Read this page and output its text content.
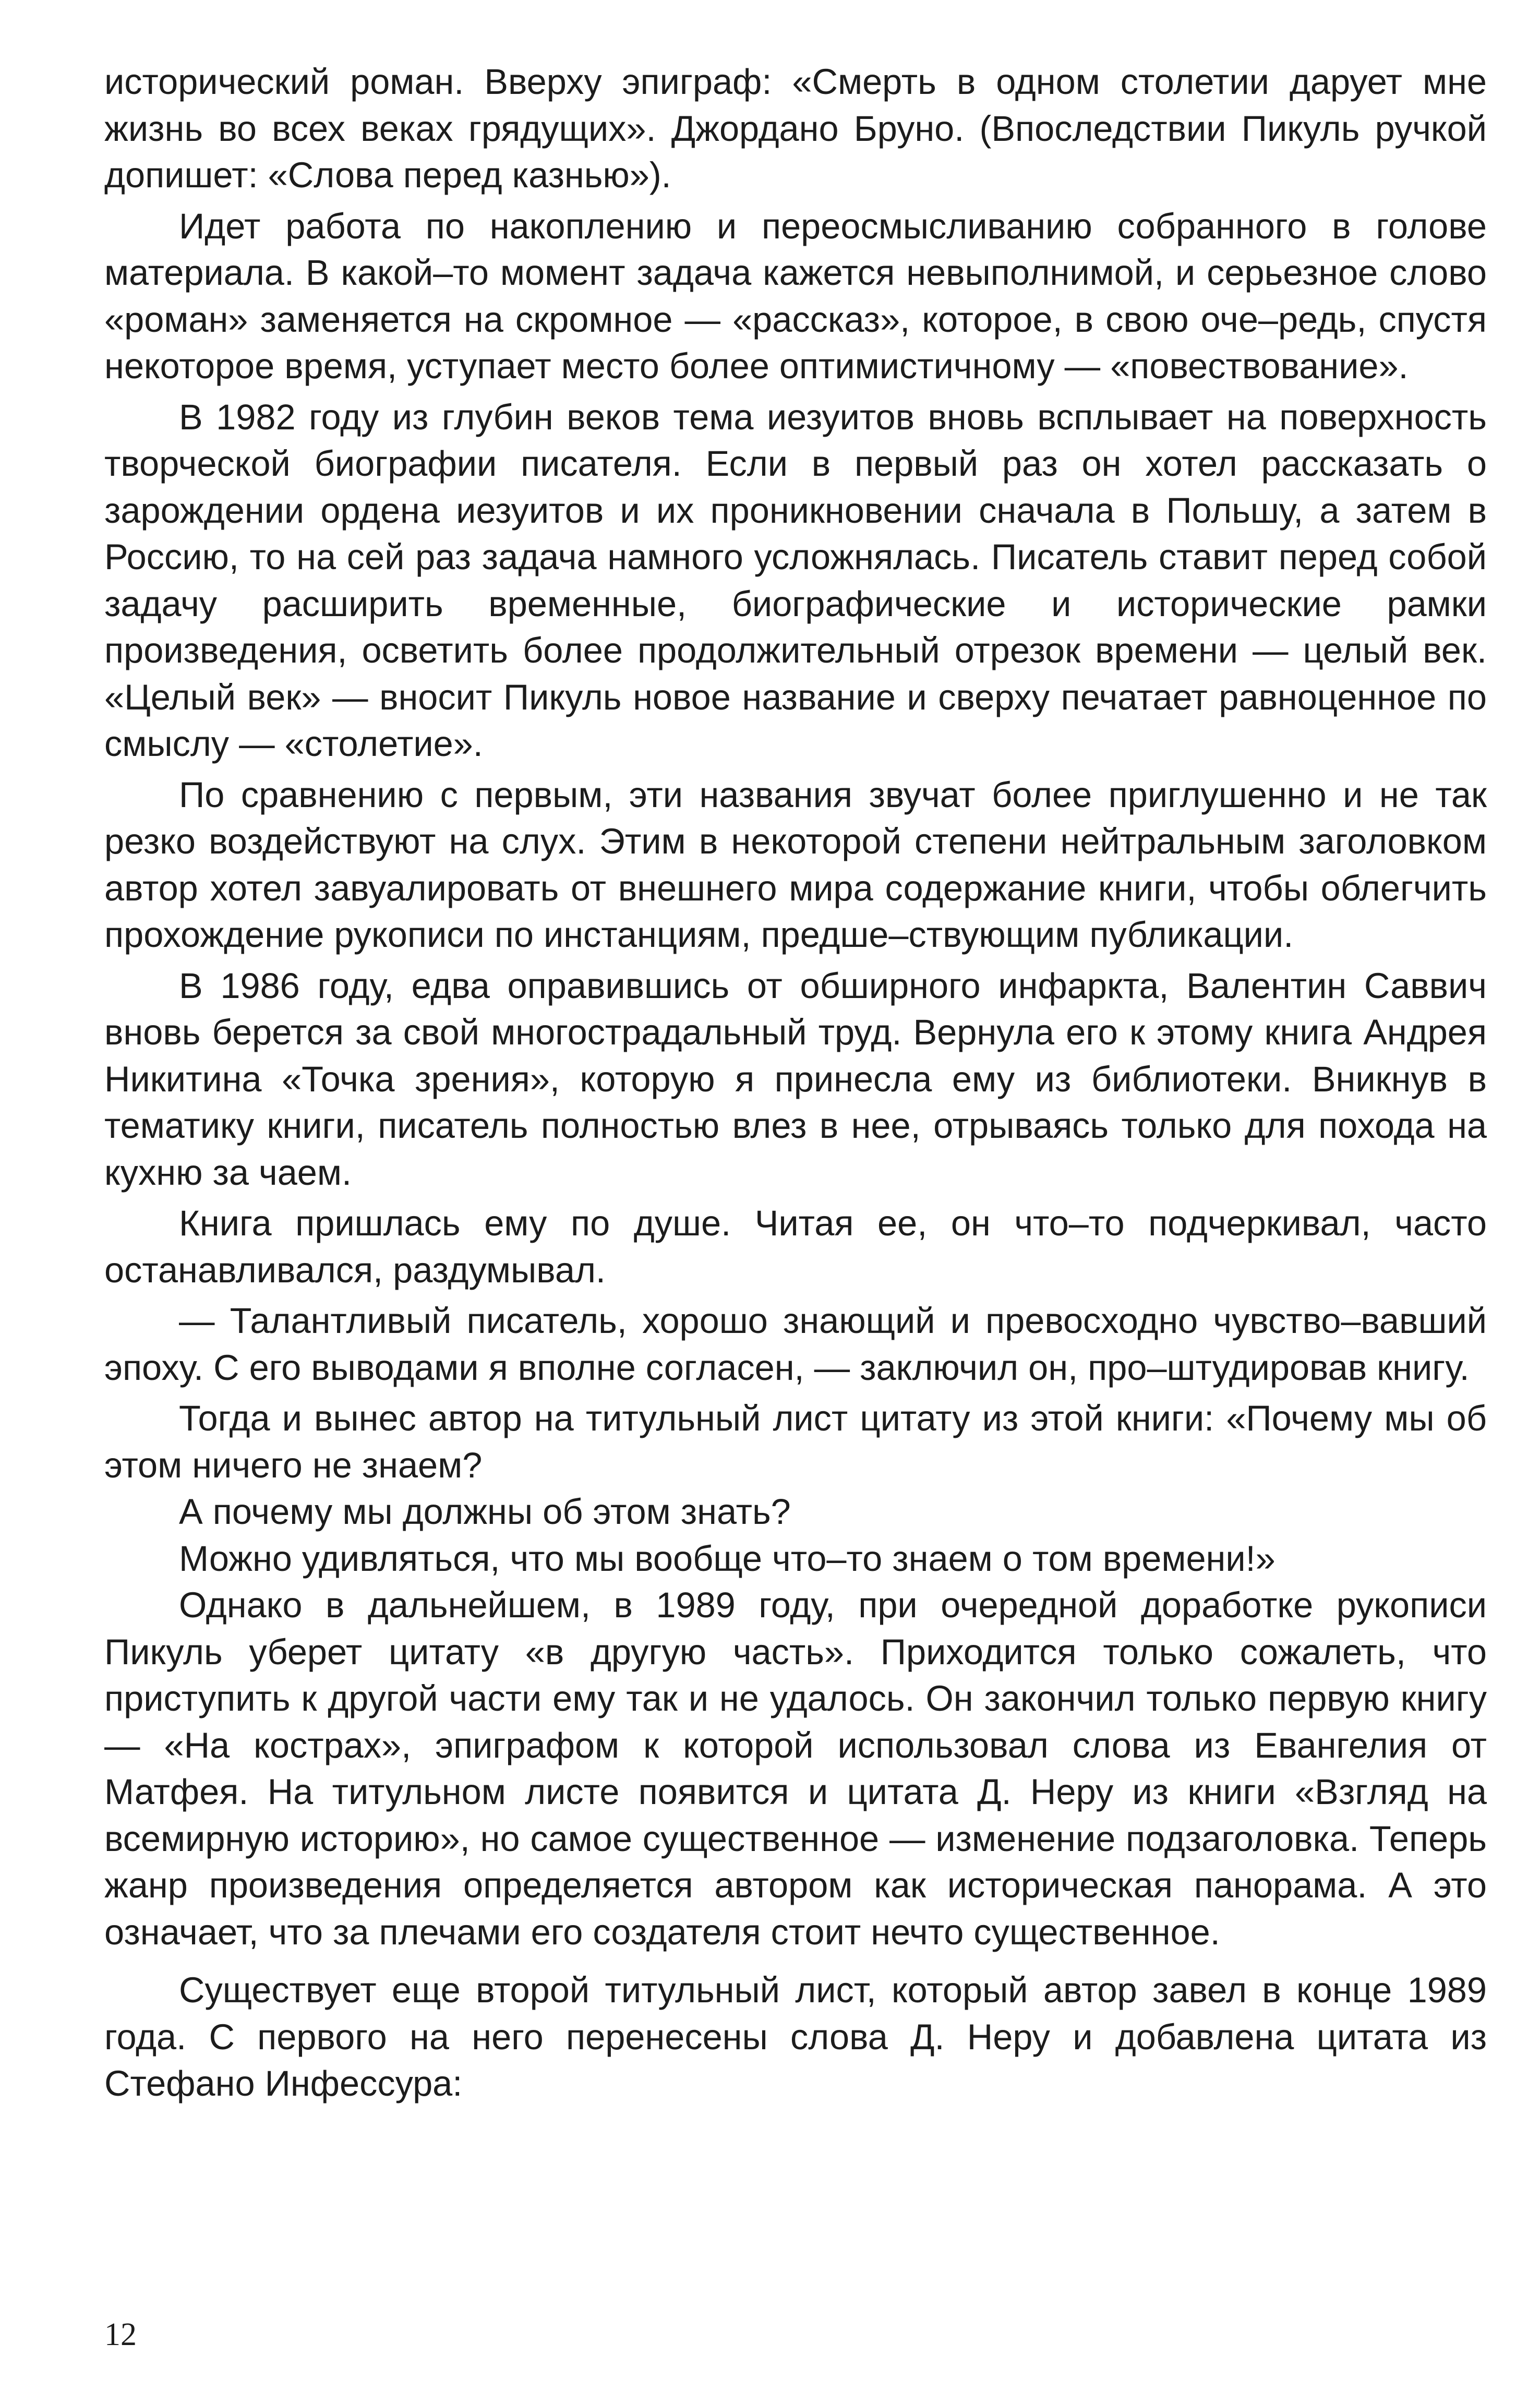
исторический роман. Вверху эпиграф: «Смерть в одном столетии дарует мне жизнь во всех веках грядущих». Джордано Бруно. (Впоследствии Пикуль ручкой допишет: «Слова перед казнью»).

Идет работа по накоплению и переосмысливанию собранного в голове материала. В какой–то момент задача кажется невыполнимой, и серьезное слово «роман» заменяется на скромное — «рассказ», которое, в свою оче–редь, спустя некоторое время, уступает место более оптимистичному — «повествование».

В 1982 году из глубин веков тема иезуитов вновь всплывает на поверхность творческой биографии писателя. Если в первый раз он хотел рассказать о зарождении ордена иезуитов и их проникновении сначала в Польшу, а затем в Россию, то на сей раз задача намного усложнялась. Писатель ставит перед собой задачу расширить временные, биографические и исторические рамки произведения, осветить более продолжительный отрезок времени — целый век. «Целый век» — вносит Пикуль новое название и сверху печатает равноценное по смыслу — «столетие».

По сравнению с первым, эти названия звучат более приглушенно и не так резко воздействуют на слух. Этим в некоторой степени нейтральным заголовком автор хотел завуалировать от внешнего мира содержание книги, чтобы облегчить прохождение рукописи по инстанциям, предше–ствующим публикации.

В 1986 году, едва оправившись от обширного инфаркта, Валентин Саввич вновь берется за свой многострадальный труд. Вернула его к этому книга Андрея Никитина «Точка зрения», которую я принесла ему из библиотеки. Вникнув в тематику книги, писатель полностью влез в нее, отрываясь только для похода на кухню за чаем.

Книга пришлась ему по душе. Читая ее, он что–то подчеркивал, часто останавливался, раздумывал.

— Талантливый писатель, хорошо знающий и превосходно чувство–вавший эпоху. С его выводами я вполне согласен, — заключил он, про–штудировав книгу.

Тогда и вынес автор на титульный лист цитату из этой книги: «Почему мы об этом ничего не знаем?

А почему мы должны об этом знать?

Можно удивляться, что мы вообще что–то знаем о том времени!»

Однако в дальнейшем, в 1989 году, при очередной доработке рукописи Пикуль уберет цитату «в другую часть». Приходится только сожалеть, что приступить к другой части ему так и не удалось. Он закончил только первую книгу — «На кострах», эпиграфом к которой использовал слова из Евангелия от Матфея. На титульном листе появится и цитата Д. Неру из книги «Взгляд на всемирную историю», но самое существенное — изменение подзаголовка. Теперь жанр произведения определяется автором как историческая панорама. А это означает, что за плечами его создателя стоит нечто существенное.

Существует еще второй титульный лист, который автор завел в конце 1989 года. С первого на него перенесены слова Д. Неру и добавлена цитата из Стефано Инфессура:

12
